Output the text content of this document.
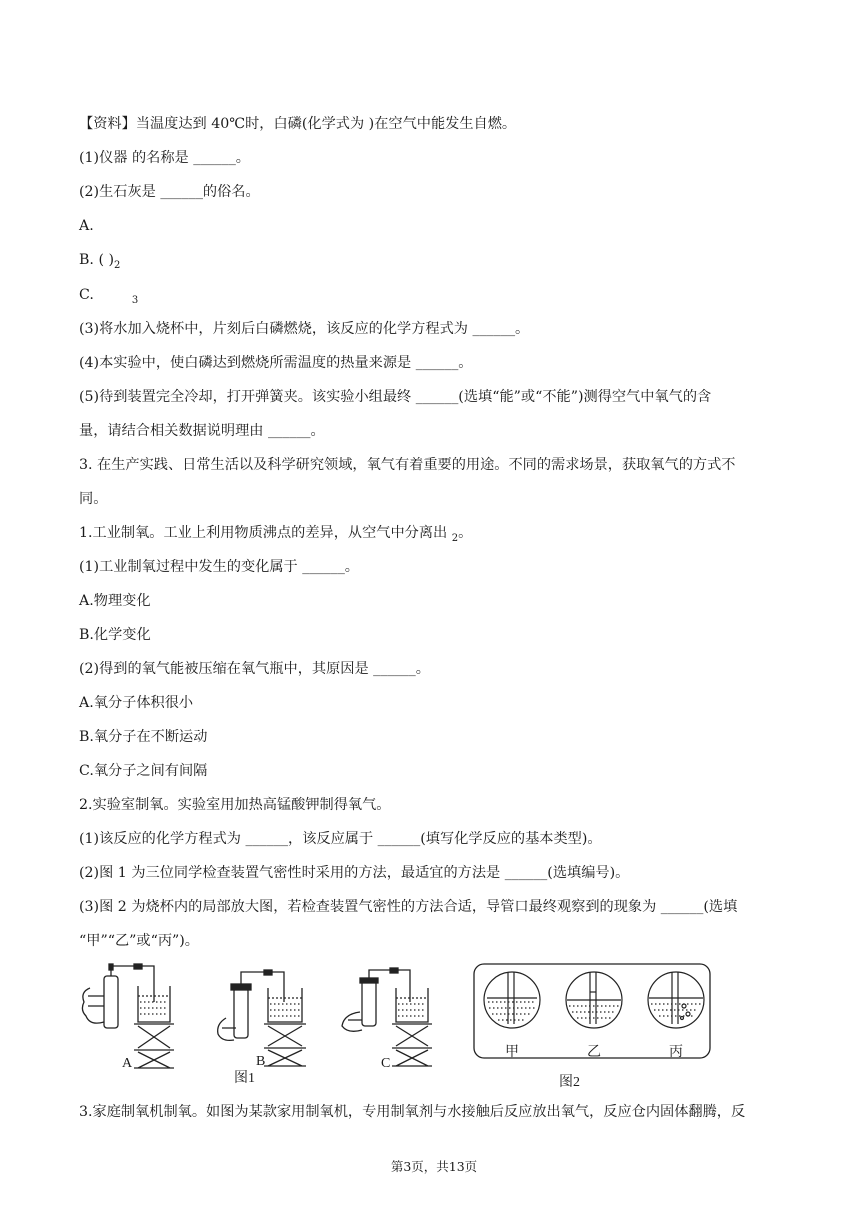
【资料】当温度达到 40℃时，白磷(化学式为 )在空气中能发生自燃。
(1)仪器 的名称是 ______。
(2)生石灰是 ______的俗名。
A.
B. ( )$_2$
C.	$_3$
(3)将水加入烧杯中，片刻后白磷燃烧，该反应的化学方程式为 ______。
(4)本实验中，使白磷达到燃烧所需温度的热量来源是 ______。
(5)待到装置完全冷却，打开弹簧夹。该实验小组最终 ______(选填“能”或“不能”)测得空气中氧气的含
量，请结合相关数据说明理由 ______。
3. 在生产实践、日常生活以及科学研究领域，氧气有着重要的用途。不同的需求场景，获取氧气的方式不
同。
1.工业制氧。工业上利用物质沸点的差异，从空气中分离出 $_2$。
(1)工业制氧过程中发生的变化属于 ______。
A.物理变化
B.化学变化
(2)得到的氧气能被压缩在氧气瓶中，其原因是 ______。
A.氧分子体积很小
B.氧分子在不断运动
C.氧分子之间有间隔
2.实验室制氧。实验室用加热高锰酸钾制得氧气。
(1)该反应的化学方程式为 ______，该反应属于 ______(填写化学反应的基本类型)。
(2)图 1 为三位同学检查装置气密性时采用的方法，最适宜的方法是 ______(选填编号)。
(3)图 2 为烧杯内的局部放大图，若检查装置气密性的方法合适，导管口最终观察到的现象为 ______(选填
“甲”“乙”或“丙”)。
3.家庭制氧机制氧。如图为某款家用制氧机，专用制氧剂与水接触后反应放出氧气，反应仓内固体翻腾，反
A	B	C
图1
甲	乙	丙
图2
第3页，共13页
